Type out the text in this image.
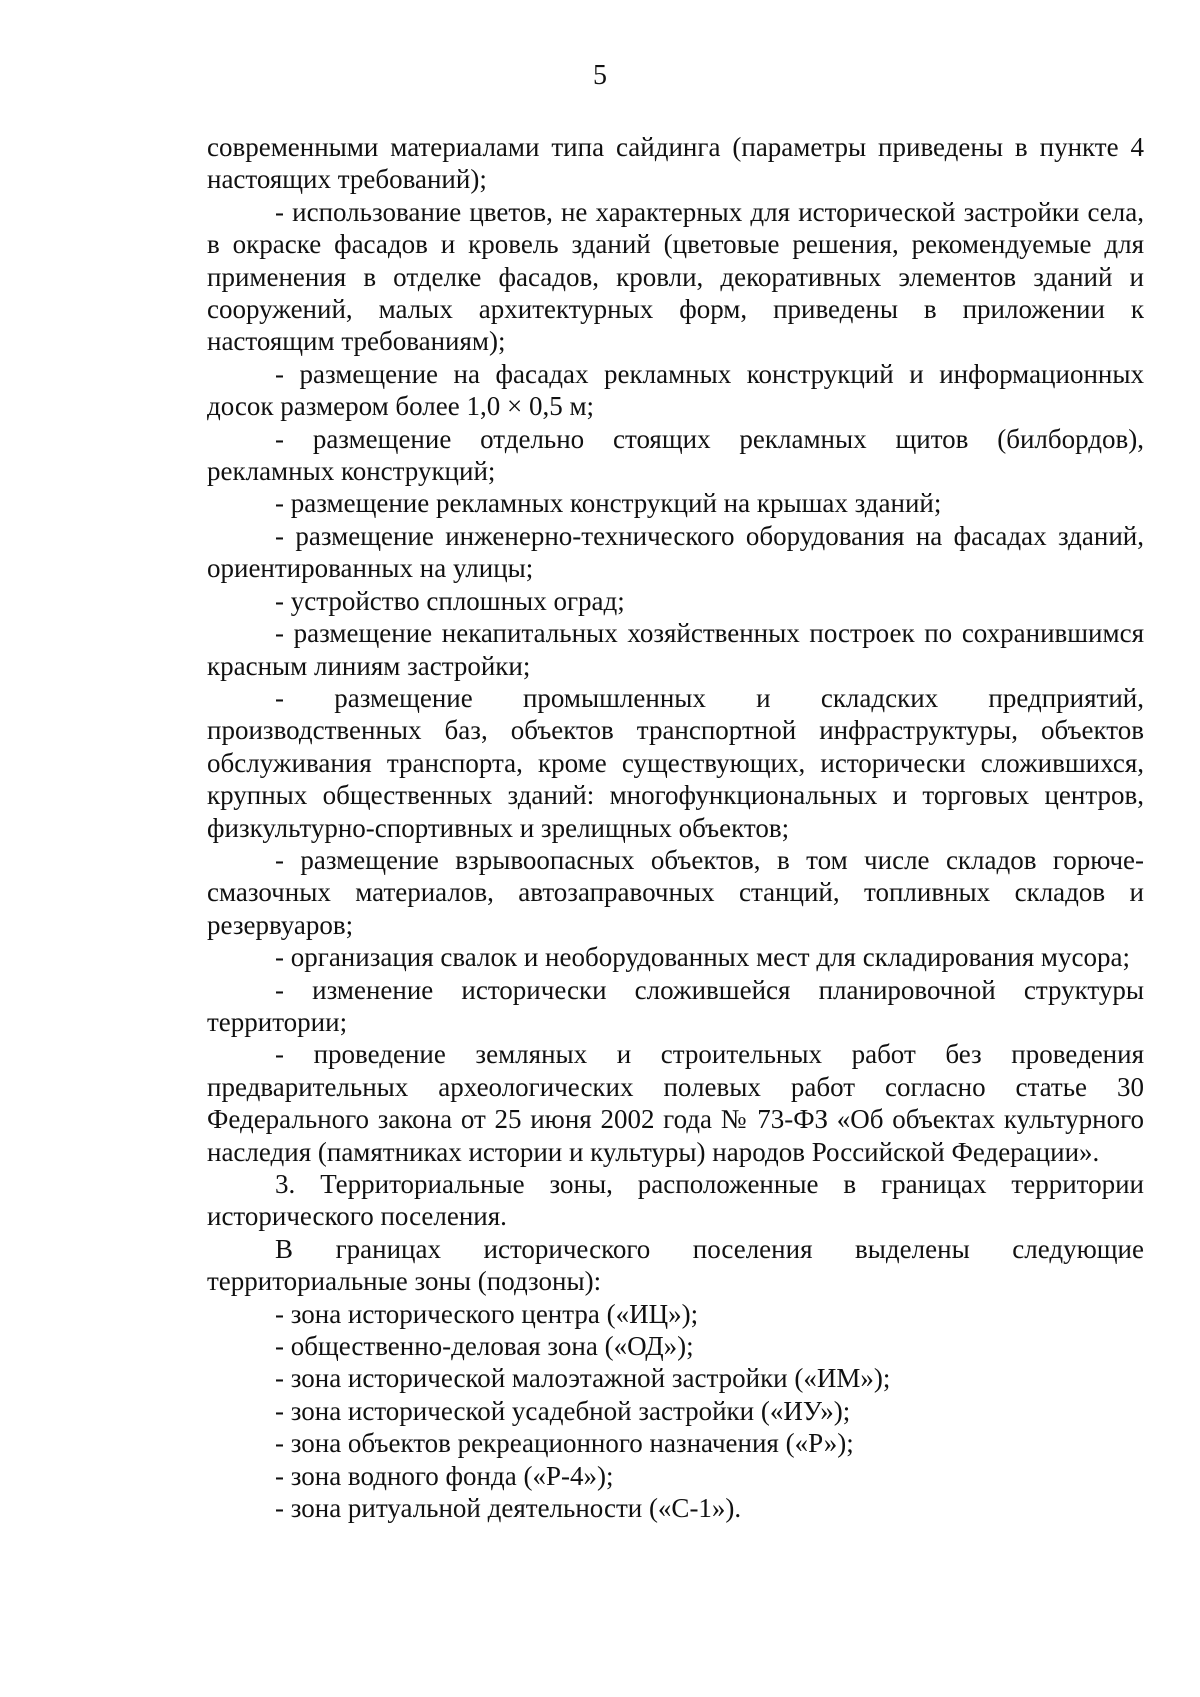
5

современными материалами типа сайдинга (параметры приведены в пункте 4 настоящих требований);

- использование цветов, не характерных для исторической застройки села, в окраске фасадов и кровель зданий (цветовые решения, рекомендуемые для применения в отделке фасадов, кровли, декоративных элементов зданий и сооружений, малых архитектурных форм, приведены в приложении к настоящим требованиям);

- размещение на фасадах рекламных конструкций и информационных досок размером более 1,0 × 0,5 м;

- размещение отдельно стоящих рекламных щитов (билбордов), рекламных конструкций;

- размещение рекламных конструкций на крышах зданий;

- размещение инженерно-технического оборудования на фасадах зданий, ориентированных на улицы;

- устройство сплошных оград;

- размещение некапитальных хозяйственных построек по сохранившимся красным линиям застройки;

- размещение промышленных и складских предприятий, производственных баз, объектов транспортной инфраструктуры, объектов обслуживания транспорта, кроме существующих, исторически сложившихся, крупных общественных зданий: многофункциональных и торговых центров, физкультурно-спортивных и зрелищных объектов;

- размещение взрывоопасных объектов, в том числе складов горюче-смазочных материалов, автозаправочных станций, топливных складов и резервуаров;

- организация свалок и необорудованных мест для складирования мусора;

- изменение исторически сложившейся планировочной структуры территории;

- проведение земляных и строительных работ без проведения предварительных археологических полевых работ согласно статье 30 Федерального закона от 25 июня 2002 года № 73-ФЗ «Об объектах культурного наследия (памятниках истории и культуры) народов Российской Федерации».

3. Территориальные зоны, расположенные в границах территории исторического поселения.

В границах исторического поселения выделены следующие территориальные зоны (подзоны):

- зона исторического центра («ИЦ»);

- общественно-деловая зона («ОД»);

- зона исторической малоэтажной застройки («ИМ»);

- зона исторической усадебной застройки («ИУ»);

- зона объектов рекреационного назначения («Р»);

- зона водного фонда («Р-4»);

- зона ритуальной деятельности («С-1»).
